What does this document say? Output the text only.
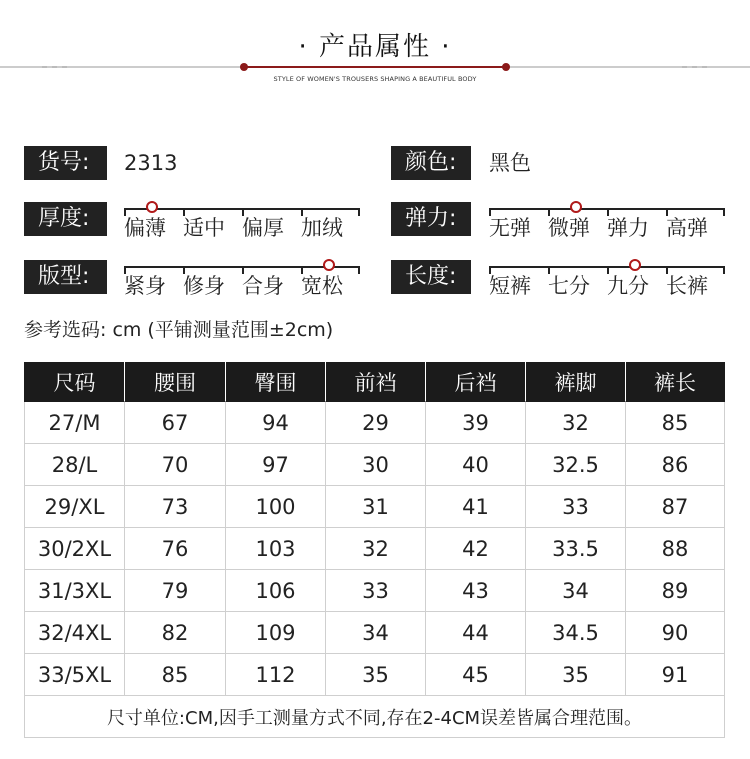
· 产品属性 ·
STYLE OF WOMEN'S TROUSERS SHAPING A BEAUTIFUL BODY
货号:	2313	颜色:	黑色
厚度:	偏薄 适中 偏厚 加绒	弹力:	无弹 微弹 弹力 高弹
版型:	紧身 修身 合身 宽松	长度:	短裤 七分 九分 长裤
参考选码: cm (平铺测量范围±2cm)
尺码	腰围	臀围	前裆	后裆	裤脚	裤长
27/M	67	94	29	39	32	85
28/L	70	97	30	40	32.5	86
29/XL	73	100	31	41	33	87
30/2XL	76	103	32	42	33.5	88
31/3XL	79	106	33	43	34	89
32/4XL	82	109	34	44	34.5	90
33/5XL	85	112	35	45	35	91
尺寸单位:CM,因手工测量方式不同,存在2-4CM误差皆属合理范围。
